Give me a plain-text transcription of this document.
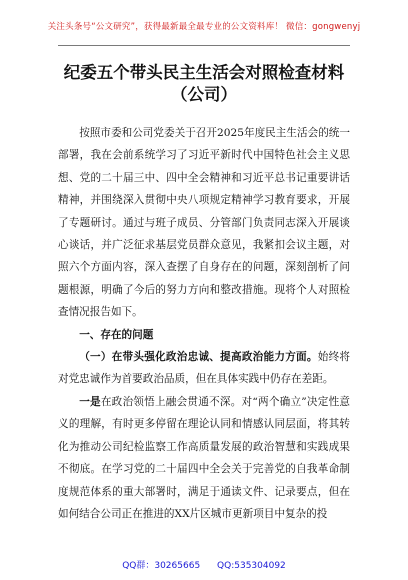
关注头条号“公文研究”，获得最新最全最专业的公文资料库！ 微信：gongwenyj
纪委五个带头民主生活会对照检查材料
（公司）

按照市委和公司党委关于召开2025年度民主生活会的统一部署，我在会前系统学习了习近平新时代中国特色社会主义思想、党的二十届三中、四中全会精神和习近平总书记重要讲话精神，并围绕深入贯彻中央八项规定精神学习教育要求，开展了专题研讨。通过与班子成员、分管部门负责同志深入开展谈心谈话，并广泛征求基层党员群众意见，我紧扣会议主题，对照六个方面内容，深入查摆了自身存在的问题，深刻剖析了问题根源，明确了今后的努力方向和整改措施。现将个人对照检查情况报告如下。

一、存在的问题

（一）在带头强化政治忠诚、提高政治能力方面。始终将对党忠诚作为首要政治品质，但在具体实践中仍存在差距。

一是在政治领悟上融会贯通不深。对“两个确立”决定性意义的理解，有时更多停留在理论认同和情感认同层面，将其转化为推动公司纪检监察工作高质量发展的政治智慧和实践成果不彻底。在学习党的二十届四中全会关于完善党的自我革命制度规范体系的重大部署时，满足于通读文件、记录要点，但在如何结合公司正在推进的XX片区城市更新项目中复杂的投

QQ群：30265665 QQ:535304092
